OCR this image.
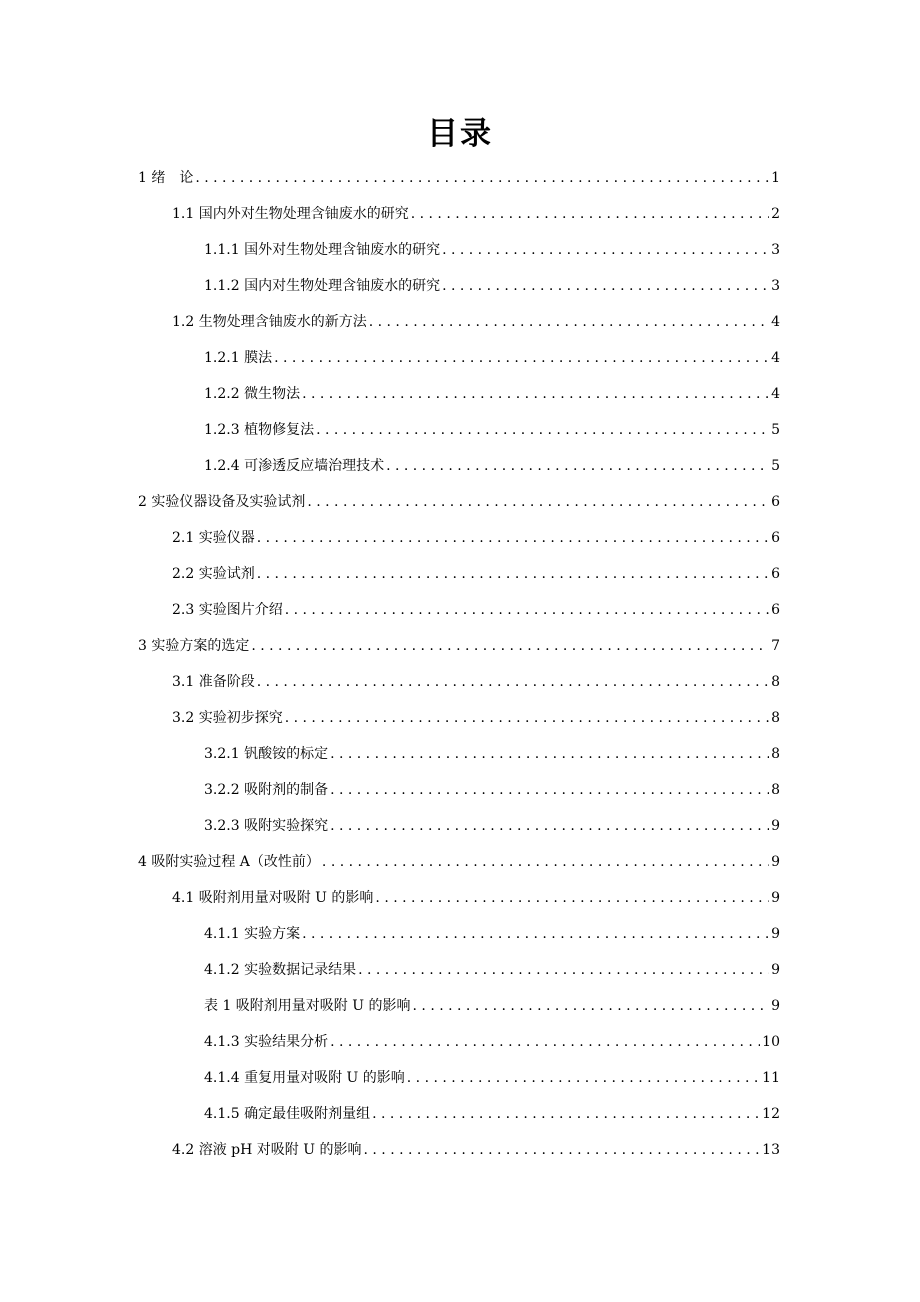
目录
1 绪　论 . . .	1
1.1 国内外对生物处理含铀废水的研究 . . .	2
1.1.1 国外对生物处理含铀废水的研究 . . .	3
1.1.2 国内对生物处理含铀废水的研究 . . .	3
1.2 生物处理含铀废水的新方法 . . .	4
1.2.1 膜法 . . .	4
1.2.2 微生物法 . . .	4
1.2.3 植物修复法 . . .	5
1.2.4 可渗透反应墙治理技术 . . .	5
2 实验仪器设备及实验试剂 . . .	6
2.1 实验仪器 . . .	6
2.2 实验试剂 . . .	6
2.3 实验图片介绍 . . .	6
3 实验方案的选定 . . .	7
3.1 准备阶段 . . .	8
3.2 实验初步探究 . . .	8
3.2.1 钒酸铵的标定 . . .	8
3.2.2 吸附剂的制备 . . .	8
3.2.3 吸附实验探究 . . .	9
4 吸附实验过程 A（改性前） . . .	9
4.1 吸附剂用量对吸附 U 的影响 . . .	9
4.1.1 实验方案 . . .	9
4.1.2 实验数据记录结果 . . .	9
表 1 吸附剂用量对吸附 U 的影响 . . .	9
4.1.3 实验结果分析 . . .	10
4.1.4 重复用量对吸附 U 的影响 . . .	11
4.1.5 确定最佳吸附剂量组 . . .	12
4.2 溶液 pH 对吸附 U 的影响 . . .	13
